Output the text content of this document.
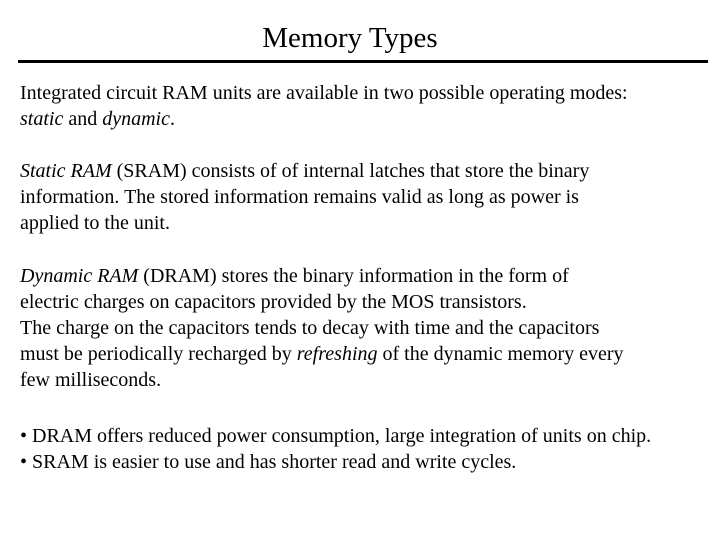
Memory Types

Integrated circuit RAM units are available in two possible operating modes:
static and dynamic.

Static RAM (SRAM) consists of of internal latches that store the binary
information. The stored information remains valid as long as power is
applied to the unit.

Dynamic RAM (DRAM) stores the binary information in the form of
electric charges on capacitors provided by the MOS transistors.
The charge on the capacitors tends to decay with time and the capacitors
must be periodically recharged by refreshing of the dynamic memory every
few milliseconds.

• DRAM offers reduced power consumption, large integration of units on chip.
• SRAM is easier to use and has shorter read and write cycles.
